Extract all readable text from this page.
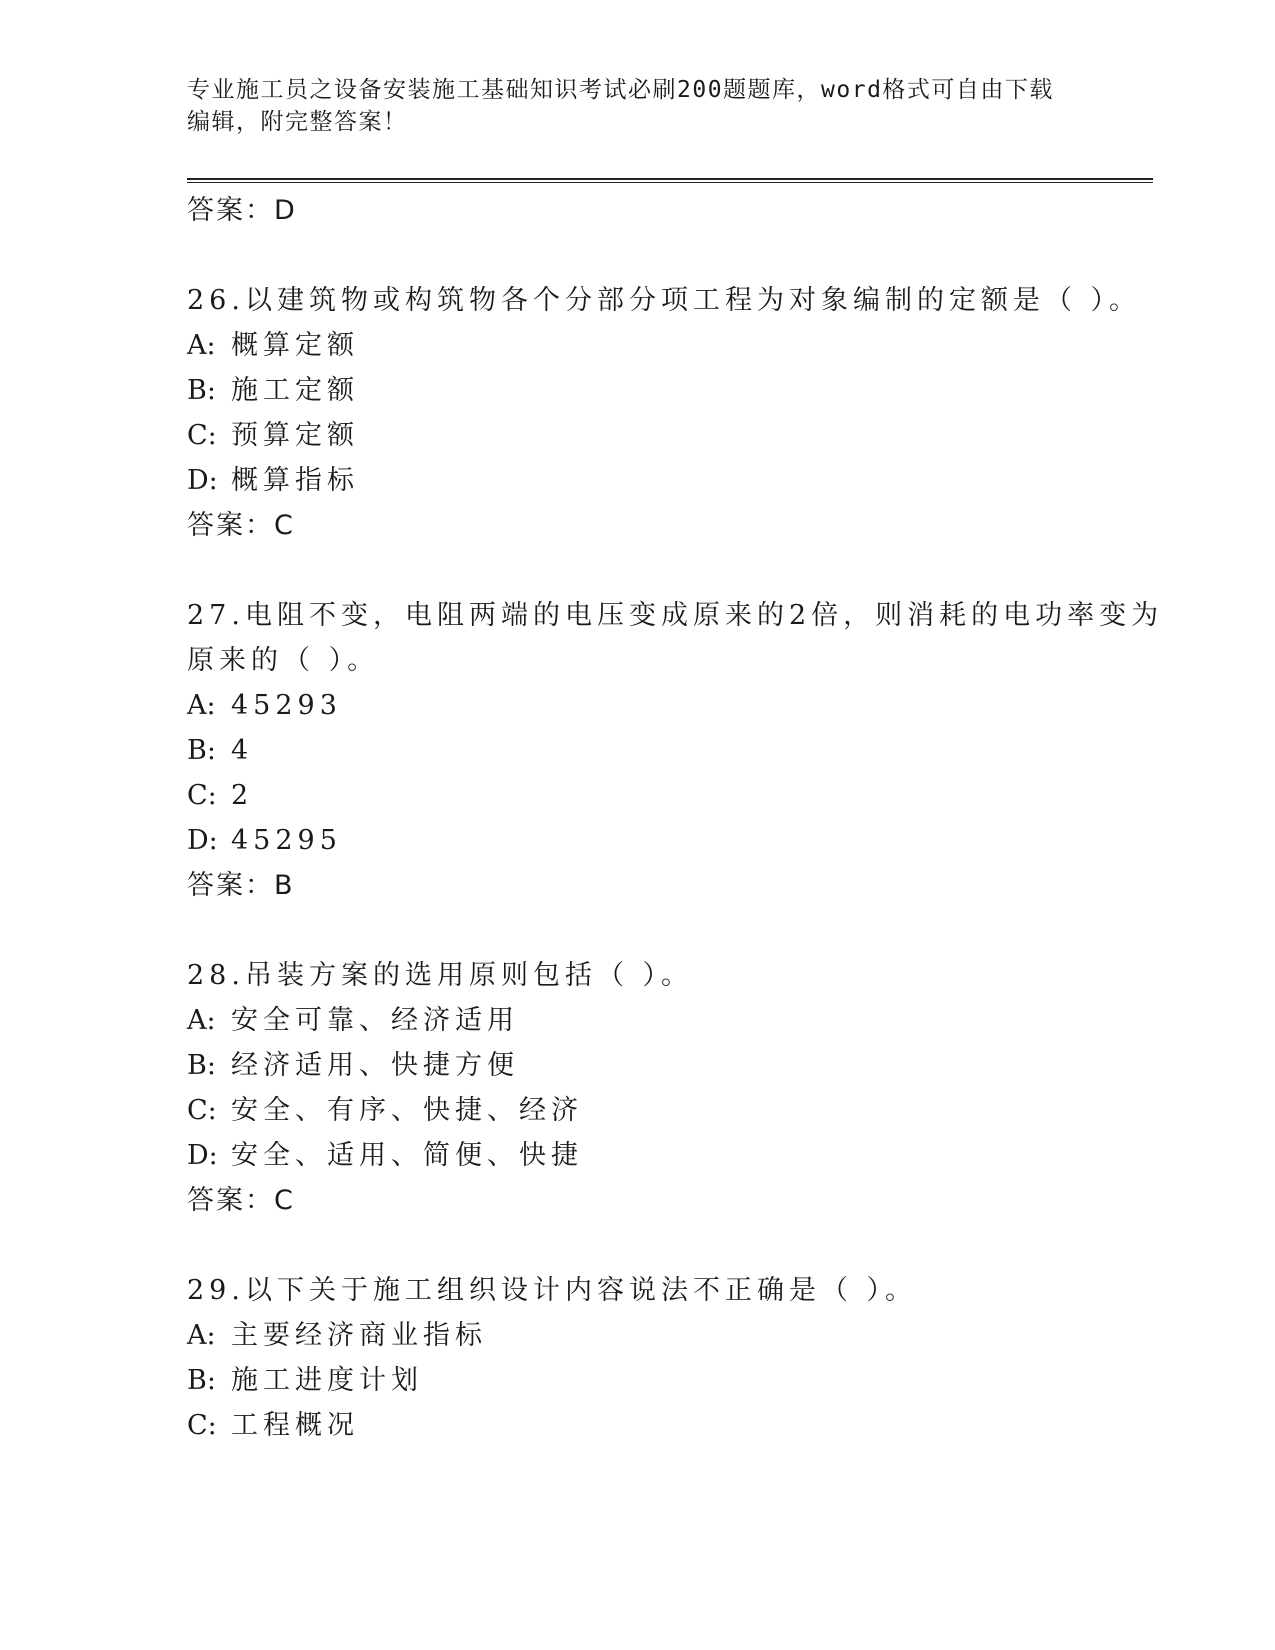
专业施工员之设备安装施工基础知识考试必刷200题题库，word格式可自由下载
编辑，附完整答案！
答案：D
26.以建筑物或构筑物各个分部分项工程为对象编制的定额是（ ）。
A: 概算定额
B: 施工定额
C: 预算定额
D: 概算指标
答案：C
27.电阻不变，电阻两端的电压变成原来的2倍，则消耗的电功率变为
原来的（ ）。
A: 45293
B: 4
C: 2
D: 45295
答案：B
28.吊装方案的选用原则包括（ ）。
A: 安全可靠、经济适用
B: 经济适用、快捷方便
C: 安全、有序、快捷、经济
D: 安全、适用、简便、快捷
答案：C
29.以下关于施工组织设计内容说法不正确是（ ）。
A: 主要经济商业指标
B: 施工进度计划
C: 工程概况
